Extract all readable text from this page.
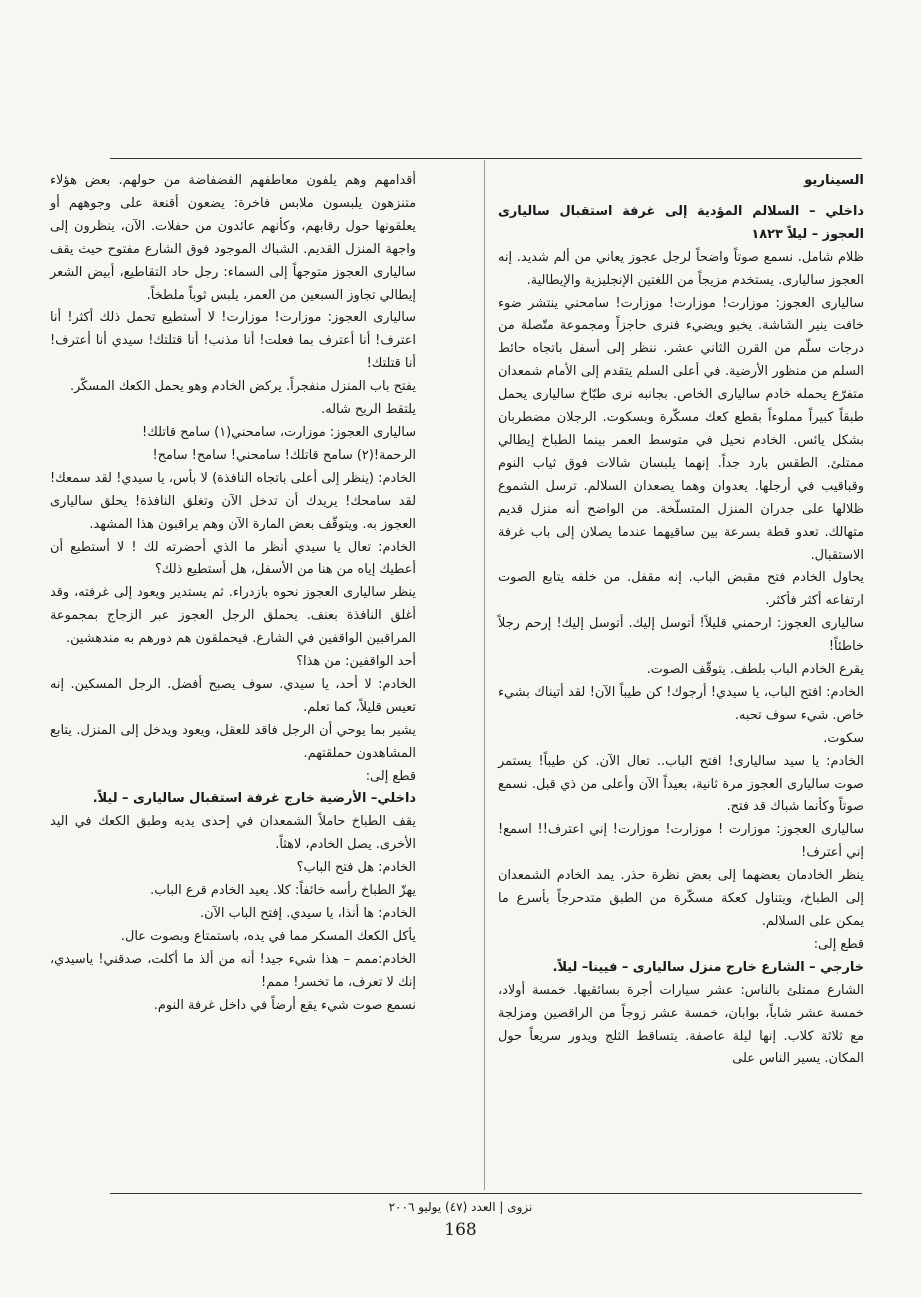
السيناريو

داخلي – السلالم المؤدية إلى غرفة استقبال ساليارى العجوز – ليلاً ١٨٢٣

ظلام شامل. نسمع صوتاً واضحاً لرجل عجوز يعاني من ألم شديد. إنه العجوز ساليارى. يستخدم مزيجاً من اللغتين الإنجليزية والإيطالية.

ساليارى العجوز: موزارت! موزارت! موزارت! سامحني ينتشر ضوء خافت ينير الشاشة. يخبو ويضيء فنرى حاجزاً ومجموعة متّصلة من درجات سلّم من القرن الثاني عشر. ننظر إلى أسفل باتجاه حائط السلم من منظور الأرضية. في أعلى السلم يتقدم إلى الأمام شمعدان متفرّع يحمله خادم ساليارى الخاص. بجانبه نرى طبّاخ ساليارى يحمل طبقاً كبيراً مملوءاً بقطع كعك مسكّرة وبسكوت. الرجلان مضطربان بشكل يائس. الخادم نحيل في متوسط العمر بينما الطباخ إيطالي ممتلئ. الطقس بارد جداً. إنهما يلبسان شالات فوق ثياب النوم وقباقيب في أرجلها. يعدوان وهما يصعدان السلالم. ترسل الشموع ظلالها على جدران المنزل المتسلّخة. من الواضح أنه منزل قديم متهالك. تعدو قطة بسرعة بين ساقيهما عندما يصلان إلى باب غرفة الاستقبال.

يحاول الخادم فتح مقبض الباب. إنه مقفل. من خلفه يتابع الصوت ارتفاعه أكثر فأكثر.

ساليارى العجوز: ارحمني قليلاً! أتوسل إليك. أتوسل إليك! إرحم رجلاً خاطئاً!

يقرع الخادم الباب بلطف. يتوقّف الصوت.

الخادم: افتح الباب، يا سيدي! أرجوك! كن طيباً الآن! لقد أتيناك بشيء خاص. شيء سوف تحبه.

سكوت.

الخادم: يا سيد ساليارى! افتح الباب.. تعال الآن. كن طيباً! يستمر صوت ساليارى العجوز مرة ثانية، بعيداً الآن وأعلى من ذي قبل. نسمع صوتاً وكأنما شباك قد فتح.

ساليارى العجوز: موزارت ! موزارت! موزارت! إني اعترف!! اسمع! إني أعترف!

ينظر الخادمان بعضهما إلى بعض نظرة حذر. يمد الخادم الشمعدان إلى الطباخ، ويتناول كعكة مسكّرة من الطبق متدحرجاً بأسرع ما يمكن على السلالم.

قطع إلى:

خارجي – الشارع خارج منزل ساليارى – فيينا– ليلاً.

الشارع ممتلئ بالناس: عشر سيارات أجرة بسائقيها. خمسة أولاد، خمسة عشر شاباً، بوابان، خمسة عشر زوجاً من الراقصين ومزلجة مع ثلاثة كلاب. إنها ليلة عاصفة. يتساقط الثلج ويدور سريعاً حول المكان. يسير الناس على

أقدامهم وهم يلفون معاطفهم الفضفاضة من حولهم. بعض هؤلاء متنزهون يلبسون ملابس فاخرة: يضعون أقنعة على وجوههم أو يعلقونها حول رقابهم، وكأنهم عائدون من حفلات. الآن، ينظرون إلى واجهة المنزل القديم. الشباك الموجود فوق الشارع مفتوح حيث يقف ساليارى العجوز متوجهاً إلى السماء: رجل حاد التقاطيع، أبيض الشعر إيطالي تجاوز السبعين من العمر، يلبس ثوباً ملطخاً.

ساليارى العجوز: موزارت! موزارت! لا أستطيع تحمل ذلك أكثر! أنا اعترف! أنا أعترف بما فعلت! أنا مذنب! أنا قتلتك! سيدي أنا أعترف! أنا قتلتك!

يفتح باب المنزل منفجراً. يركض الخادم وهو يحمل الكعك المسكّر.

يلتقط الريح شاله.

ساليارى العجوز: موزارت، سامحني(١) سامح قاتلك!

الرحمة!(٢) سامح قاتلك! سامحني! سامح! سامح!

الخادم: (ينظر إلى أعلى باتجاه النافذة) لا بأس، يا سيدي! لقد سمعك! لقد سامحك! يريدك أن تدخل الآن وتغلق النافذة! يحلق ساليارى العجوز به. ويتوقّف بعض المارة الآن وهم يراقبون هذا المشهد.

الخادم: تعال يا سيدي أنظر ما الذي أحضرته لك ! لا أستطيع أن أعطيك إياه من هنا من الأسفل، هل أستطيع ذلك؟

ينظر ساليارى العجوز نحوه بازدراء. ثم يستدير ويعود إلى غرفته، وقد أغلق النافذة بعنف. يحملق الرجل العجوز عبر الزجاج بمجموعة المراقبين الواقفين في الشارع. فيحملقون هم دورهم به مندهشين.

أحد الواقفين: من هذا؟

الخادم: لا أحد، يا سيدي. سوف يصبح أفضل. الرجل المسكين. إنه تعيس قليلاً، كما تعلم.

يشير بما يوحي أن الرجل فاقد للعقل، ويعود ويدخل إلى المنزل. يتابع المشاهدون حملقتهم.

قطع إلى:

داخلي– الأرضية خارج غرفة استقبال ساليارى – ليلاً.

يقف الطباخ حاملاً الشمعدان في إحدى يديه وطبق الكعك في اليد الأخرى. يصل الخادم، لاهثاً.

الخادم: هل فتح الباب؟

يهزّ الطباخ رأسه خائفاً: كلا. يعيد الخادم قرع الباب.

الخادم: ها أنذا، يا سيدي. إفتح الباب الآن.

يأكل الكعك المسكر مما في يده، باستمتاع وبصوت عال.

الخادم:ممم – هذا شيء جيد! أنه من ألذ ما أكلت، صدقني! ياسيدي، إنك لا تعرف، ما تخسر! ممم!

نسمع صوت شيء يقع أرضاً في داخل غرفة النوم.

نزوى | العدد (٤٧) يوليو ٢٠٠٦
168
